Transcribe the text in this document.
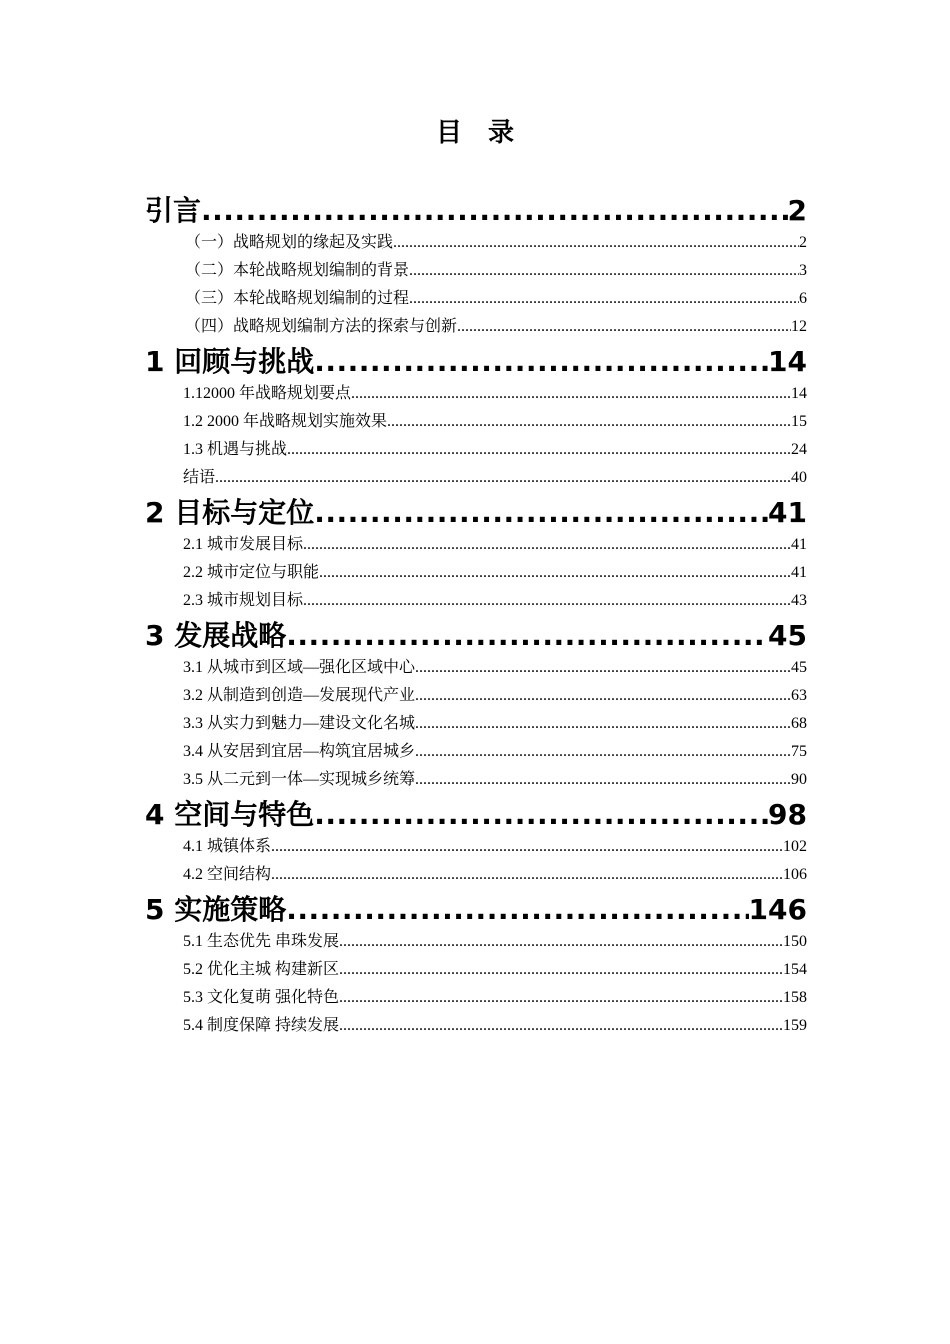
目　录
引言 .....	2
（一）战略规划的缘起及实践 .....	2
（二）本轮战略规划编制的背景 .....	3
（三）本轮战略规划编制的过程 .....	6
（四）战略规划编制方法的探索与创新 .....	12
1 回顾与挑战 .....	14
1.12000 年战略规划要点 .....	14
1.2 2000 年战略规划实施效果 .....	15
1.3 机遇与挑战 .....	24
结语 .....	40
2 目标与定位 .....	41
2.1 城市发展目标 .....	41
2.2 城市定位与职能 .....	41
2.3 城市规划目标 .....	43
3 发展战略 .....	45
3.1 从城市到区域—强化区域中心 .....	45
3.2 从制造到创造—发展现代产业 .....	63
3.3 从实力到魅力—建设文化名城 .....	68
3.4 从安居到宜居—构筑宜居城乡 .....	75
3.5 从二元到一体—实现城乡统筹 .....	90
4 空间与特色 .....	98
4.1 城镇体系 .....	102
4.2 空间结构 .....	106
5 实施策略 .....	146
5.1 生态优先 串珠发展 .....	150
5.2 优化主城 构建新区 .....	154
5.3 文化复萌 强化特色 .....	158
5.4 制度保障 持续发展 .....	159
